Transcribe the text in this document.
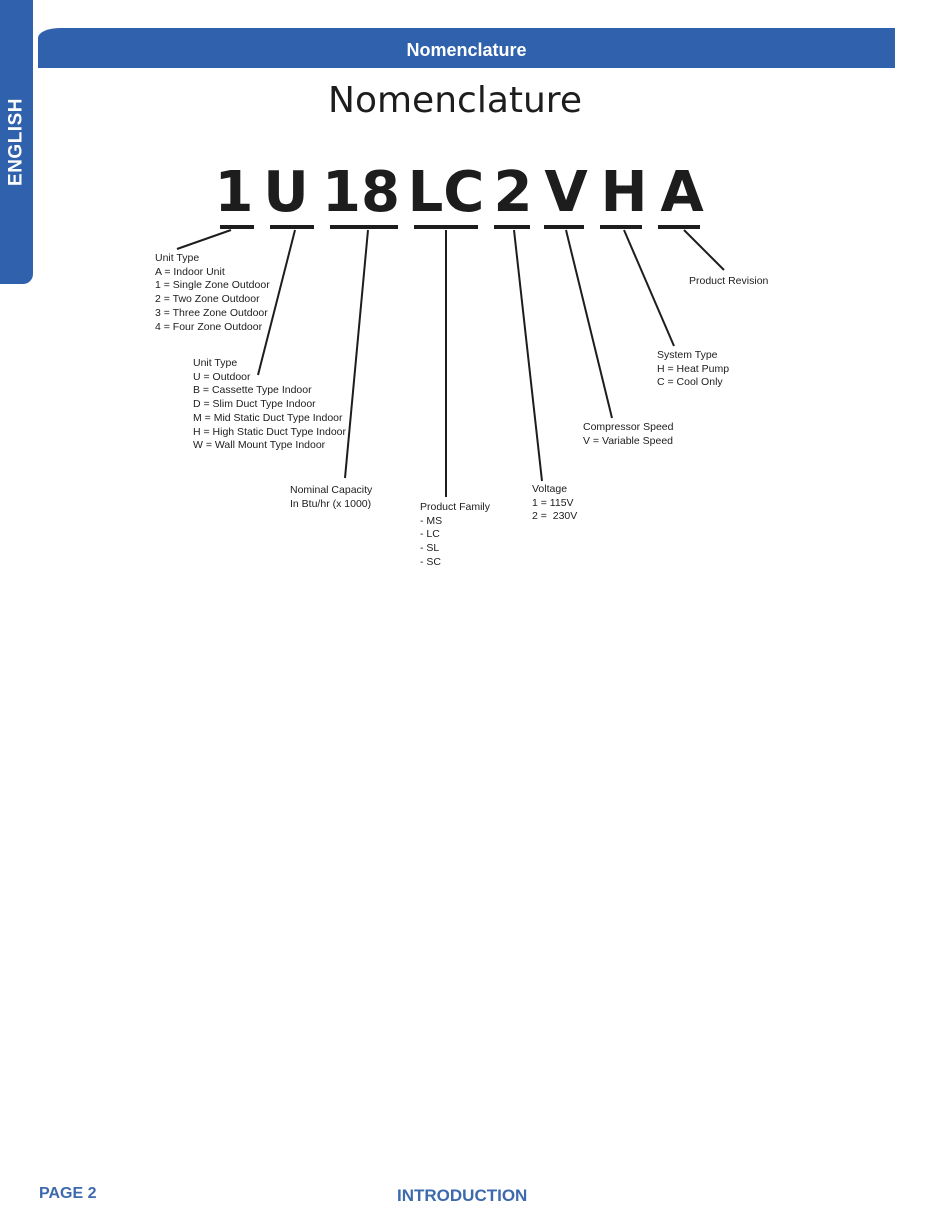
ENGLISH
Nomenclature
Nomenclature
1 U 18 LC 2 V H A
Unit Type
A = Indoor Unit
1 = Single Zone Outdoor
2 = Two Zone Outdoor
3 = Three Zone Outdoor
4 = Four Zone Outdoor
Unit Type
U = Outdoor
B = Cassette Type Indoor
D = Slim Duct Type Indoor
M = Mid Static Duct Type Indoor
H = High Static Duct Type Indoor
W = Wall Mount Type Indoor
Nominal Capacity
In Btu/hr (x 1000)	Product Family
- MS
- LC
- SL
- SC
Voltage
1 = 115V
2 =  230V
Compressor Speed
V = Variable Speed
System Type
H = Heat Pump
C = Cool Only
Product Revision
PAGE 2	INTRODUCTION
